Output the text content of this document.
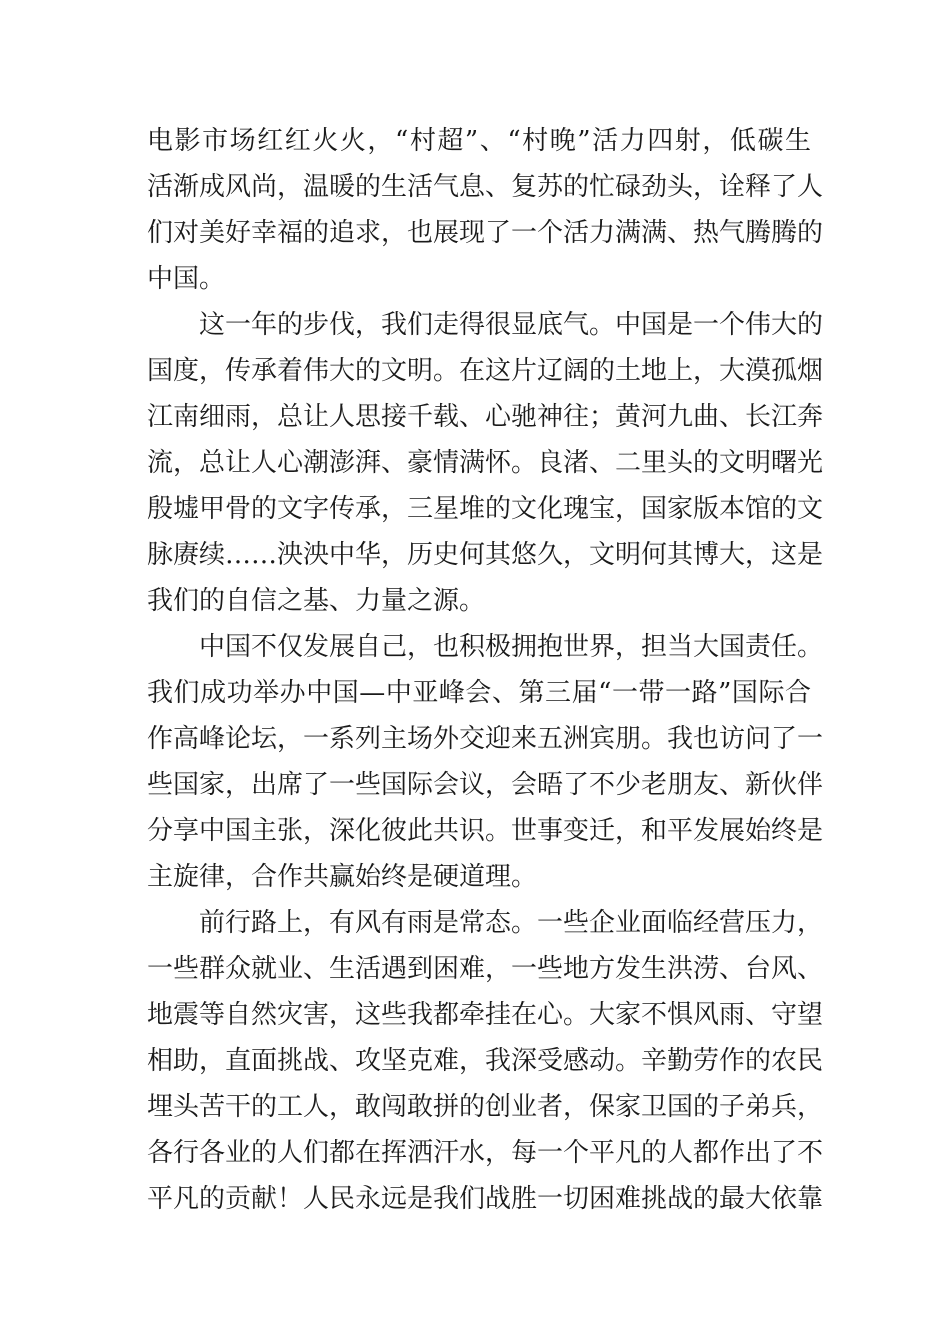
电影市场红红火火，“村超”、“村晚”活力四射，低碳生
活渐成风尚，温暖的生活气息、复苏的忙碌劲头，诠释了人
们对美好幸福的追求，也展现了一个活力满满、热气腾腾的
中国。
这一年的步伐，我们走得很显底气。中国是一个伟大的
国度，传承着伟大的文明。在这片辽阔的土地上，大漠孤烟
江南细雨，总让人思接千载、心驰神往；黄河九曲、长江奔
流，总让人心潮澎湃、豪情满怀。良渚、二里头的文明曙光
殷墟甲骨的文字传承，三星堆的文化瑰宝，国家版本馆的文
脉赓续……泱泱中华，历史何其悠久，文明何其博大，这是
我们的自信之基、力量之源。
中国不仅发展自己，也积极拥抱世界，担当大国责任。
我们成功举办中国—中亚峰会、第三届“一带一路”国际合
作高峰论坛，一系列主场外交迎来五洲宾朋。我也访问了一
些国家，出席了一些国际会议，会晤了不少老朋友、新伙伴
分享中国主张，深化彼此共识。世事变迁，和平发展始终是
主旋律，合作共赢始终是硬道理。
前行路上，有风有雨是常态。一些企业面临经营压力，
一些群众就业、生活遇到困难，一些地方发生洪涝、台风、
地震等自然灾害，这些我都牵挂在心。大家不惧风雨、守望
相助，直面挑战、攻坚克难，我深受感动。辛勤劳作的农民
埋头苦干的工人，敢闯敢拼的创业者，保家卫国的子弟兵，
各行各业的人们都在挥洒汗水，每一个平凡的人都作出了不
平凡的贡献！人民永远是我们战胜一切困难挑战的最大依靠
